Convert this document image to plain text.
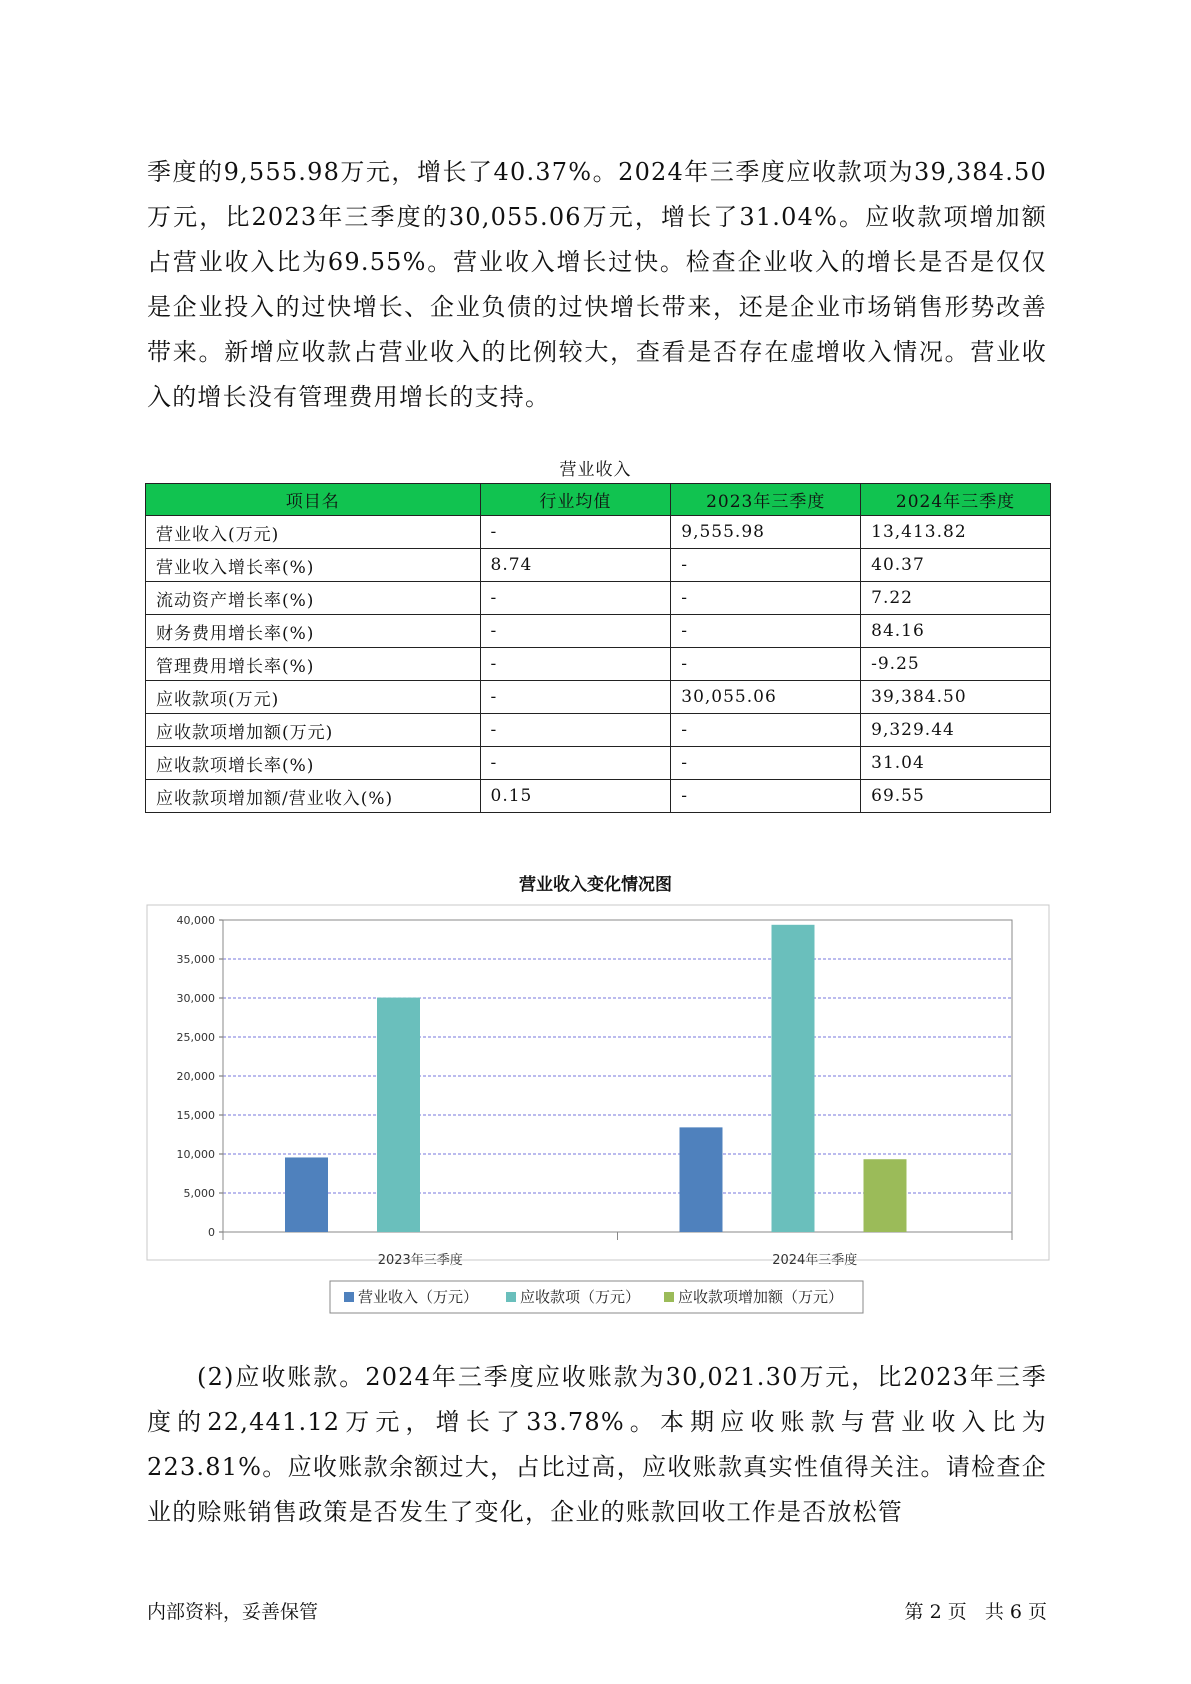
季度的9,555.98万元，增长了40.37%。2024年三季度应收款项为39,384.50万元，比2023年三季度的30,055.06万元，增长了31.04%。应收款项增加额占营业收入比为69.55%。营业收入增长过快。检查企业收入的增长是否是仅仅是企业投入的过快增长、企业负债的过快增长带来，还是企业市场销售形势改善带来。新增应收款占营业收入的比例较大，查看是否存在虚增收入情况。营业收入的增长没有管理费用增长的支持。

营业收入
项目名	行业均值	2023年三季度	2024年三季度
营业收入(万元)	-	9,555.98	13,413.82
营业收入增长率(%)	8.74	-	40.37
流动资产增长率(%)	-	-	7.22
财务费用增长率(%)	-	-	84.16
管理费用增长率(%)	-	-	-9.25
应收款项(万元)	-	30,055.06	39,384.50
应收款项增加额(万元)	-	-	9,329.44
应收款项增长率(%)	-	-	31.04
应收款项增加额/营业收入(%)	0.15	-	69.55
营业收入变化情况图
0
5,000
10,000
15,000
20,000
25,000
30,000
35,000
40,000
2023年三季度	2024年三季度
营业收入（万元）	应收款项（万元）	应收款项增加额（万元）

(2)应收账款。2024年三季度应收账款为30,021.30万元，比2023年三季度的22,441.12万元，增长了33.78%。本期应收账款与营业收入比为223.81%。应收账款余额过大，占比过高，应收账款真实性值得关注。请检查企业的赊账销售政策是否发生了变化，企业的账款回收工作是否放松管

内部资料，妥善保管	第 2 页   共 6 页
